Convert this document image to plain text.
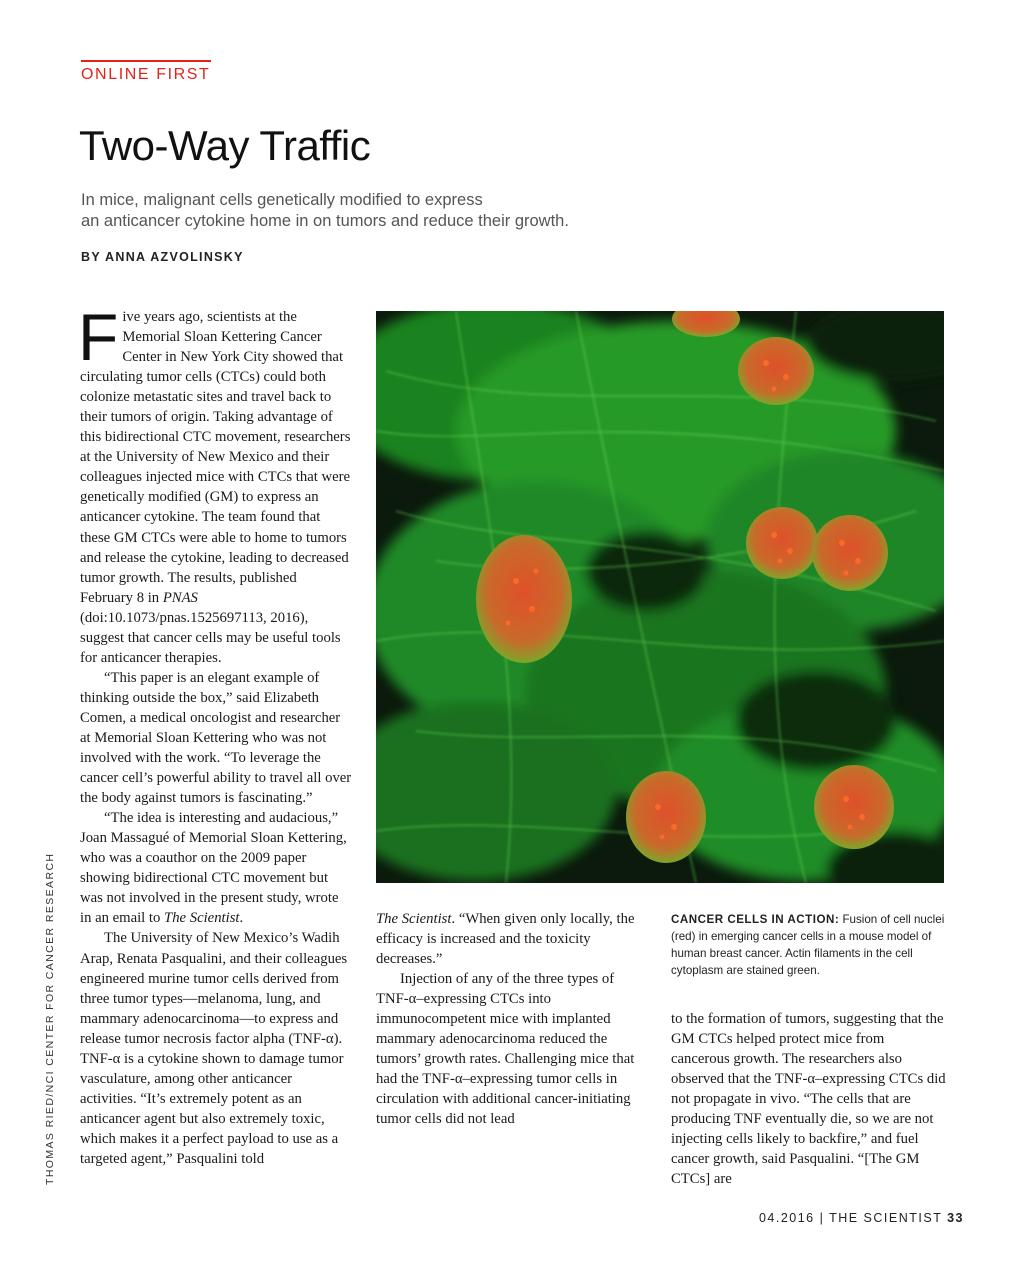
ONLINE FIRST
Two-Way Traffic
In mice, malignant cells genetically modified to express
an anticancer cytokine home in on tumors and reduce their growth.
BY ANNA AZVOLINSKY

Five years ago, scientists at the Memorial Sloan Kettering Cancer Center in New York City showed that circulating tumor cells (CTCs) could both colonize metastatic sites and travel back to their tumors of origin. Taking advantage of this bidirectional CTC movement, researchers at the University of New Mexico and their colleagues injected mice with CTCs that were genetically modified (GM) to express an anticancer cytokine. The team found that these GM CTCs were able to home to tumors and release the cytokine, leading to decreased tumor growth. The results, published February 8 in PNAS (doi:10.1073/pnas.1525697113, 2016), suggest that cancer cells may be useful tools for anticancer therapies.

“This paper is an elegant example of thinking outside the box,” said Elizabeth Comen, a medical oncologist and researcher at Memorial Sloan Kettering who was not involved with the work. “To leverage the cancer cell’s powerful ability to travel all over the body against tumors is fascinating.”

“The idea is interesting and audacious,” Joan Massagué of Memorial Sloan Kettering, who was a coauthor on the 2009 paper showing bidirectional CTC movement but was not involved in the present study, wrote in an email to The Scientist.

The University of New Mexico’s Wadih Arap, Renata Pasqualini, and their colleagues engineered murine tumor cells derived from three tumor types—melanoma, lung, and mammary adenocarcinoma—to express and release tumor necrosis factor alpha (TNF-α). TNF-α is a cytokine shown to damage tumor vasculature, among other anticancer activities. “It’s extremely potent as an anticancer agent but also extremely toxic, which makes it a perfect payload to use as a targeted agent,” Pasqualini told

CANCER CELLS IN ACTION: Fusion of cell nuclei (red) in emerging cancer cells in a mouse model of human breast cancer. Actin filaments in the cell cytoplasm are stained green.

The Scientist. “When given only locally, the efficacy is increased and the toxicity decreases.”

Injection of any of the three types of TNF-α–expressing CTCs into immunocompetent mice with implanted mammary adenocarcinoma reduced the tumors’ growth rates. Challenging mice that had the TNF-α–expressing tumor cells in circulation with additional cancer-initiating tumor cells did not lead

to the formation of tumors, suggesting that the GM CTCs helped protect mice from cancerous growth. The researchers also observed that the TNF-α–expressing CTCs did not propagate in vivo. “The cells that are producing TNF eventually die, so we are not injecting cells likely to backfire,” and fuel cancer growth, said Pasqualini. “[The GM CTCs] are

THOMAS RIED/NCI CENTER FOR CANCER RESEARCH
04.2016 | THE SCIENTIST 33
